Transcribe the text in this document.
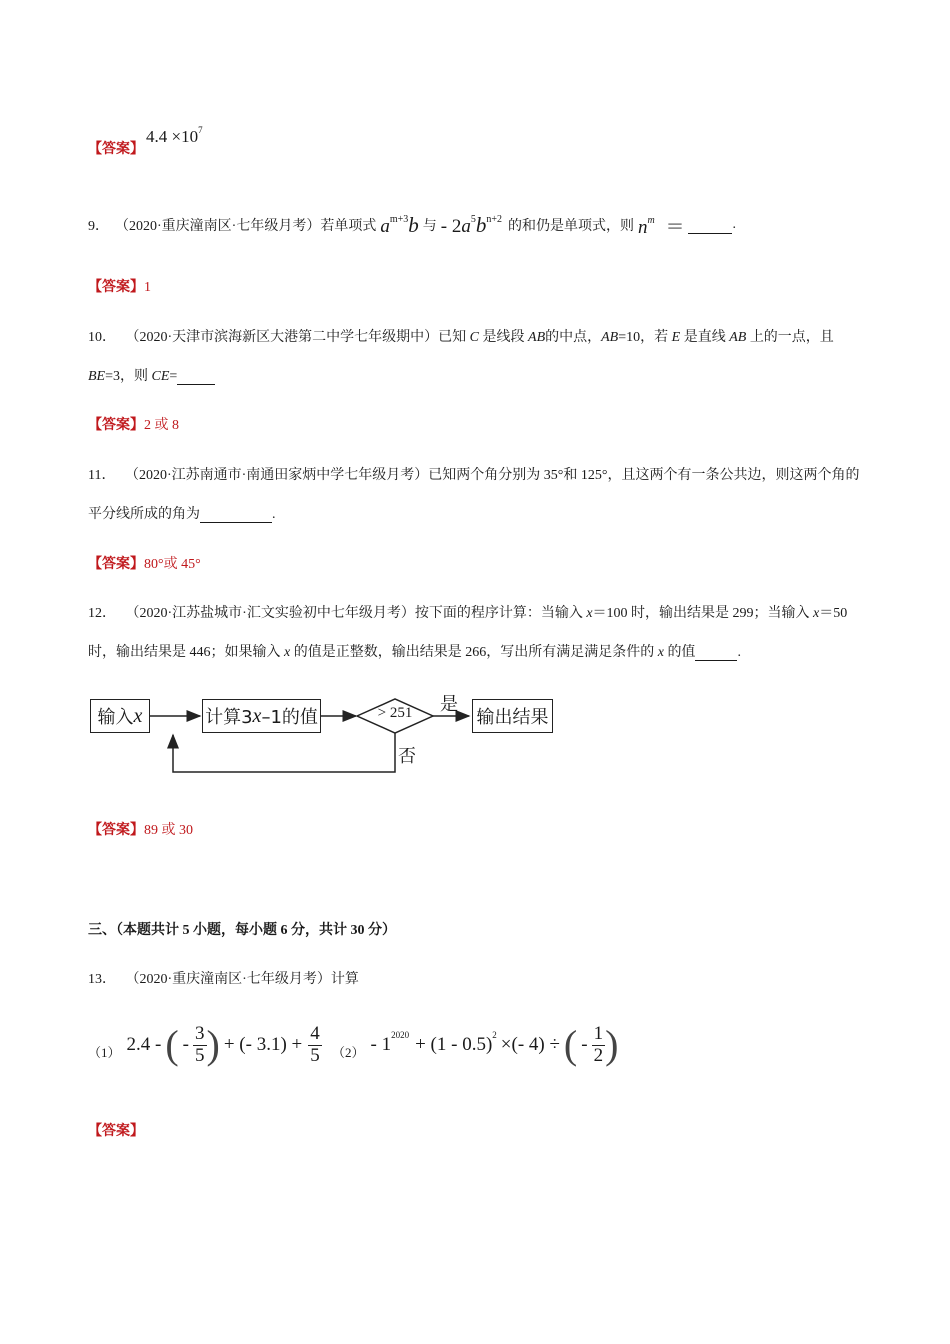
【答案】
$4.4 \times 10^7$
9． （2020·重庆潼南区·七年级月考）若单项式 $a^{m+3}b$ 与 - $2a^5b^{n+2}$ 的和仍是单项式，则 $n^m$ ＝
	.
【答案】1
10． （2020·天津市滨海新区大港第二中学七年级期中）已知 C 是线段 AB的中点，AB=10，若 E 是直线 AB 上的一点，且
BE=3，则 CE=
【答案】2 或 8
11． （2020·江苏南通市·南通田家炳中学七年级月考）已知两个角分别为 35°和 125°，且这两个有一条公共边，则这两个角的
平分线所成的角为	.
【答案】80°或 45°
12． （2020·江苏盐城市·汇文实验初中七年级月考）按下面的程序计算：当输入 x＝100 时，输出结果是 299；当输入 x＝50
时，输出结果是 446；如果输入 x 的值是正整数，输出结果是 266，写出所有满足满足条件的 x 的值	.
输入 x	计算3 x –1的值	> 251	是
否
输出结果
【答案】89 或 30
三、（本题共计 5 小题，每小题 6 分，共计 30 分）
13． （2020·重庆潼南区·七年级月考）计算
（1） 2.4 - ( - $\frac{3}{5}$ ) + (- $3.1) + \frac{4}{5} (2) - 1$ 2020 + (1 - 0.5) 2 ×(- 4) ÷ ( - $\frac{1}{2}$ )
【答案】
